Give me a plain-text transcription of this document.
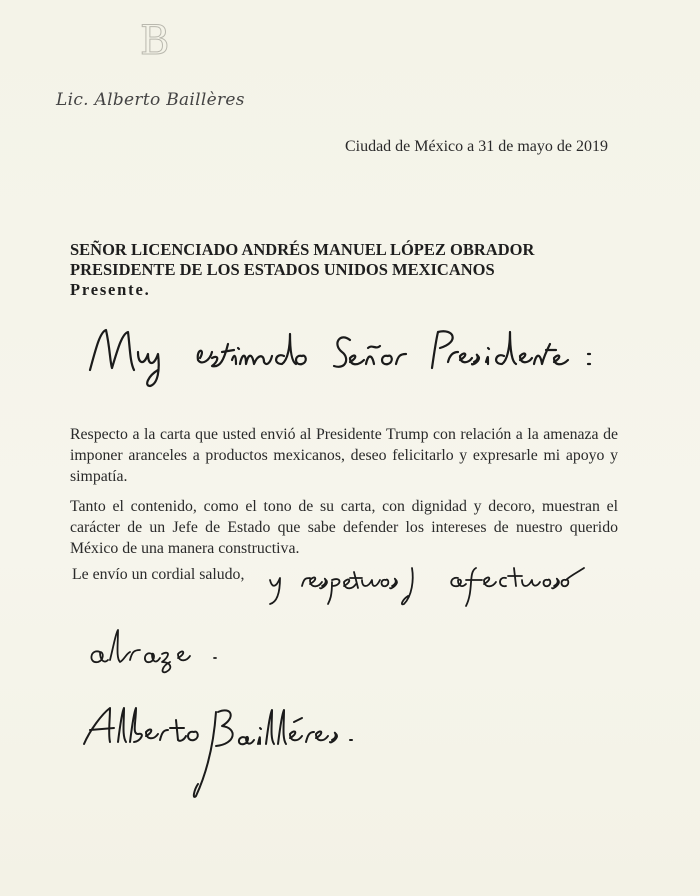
B
Lic. Alberto Baillères
Ciudad de México a 31 de mayo de 2019
SEÑOR LICENCIADO ANDRÉS MANUEL LÓPEZ OBRADOR
PRESIDENTE DE LOS ESTADOS UNIDOS MEXICANOS
Presente.
Respecto a la carta que usted envió al Presidente Trump con relación a la amenaza de imponer aranceles a productos mexicanos, deseo felicitarlo y expresarle mi apoyo y simpatía.
Tanto el contenido, como el tono de su carta, con dignidad y decoro, muestran el carácter de un Jefe de Estado que sabe defender los intereses de nuestro querido México de una manera constructiva.
Le envío un cordial saludo,
